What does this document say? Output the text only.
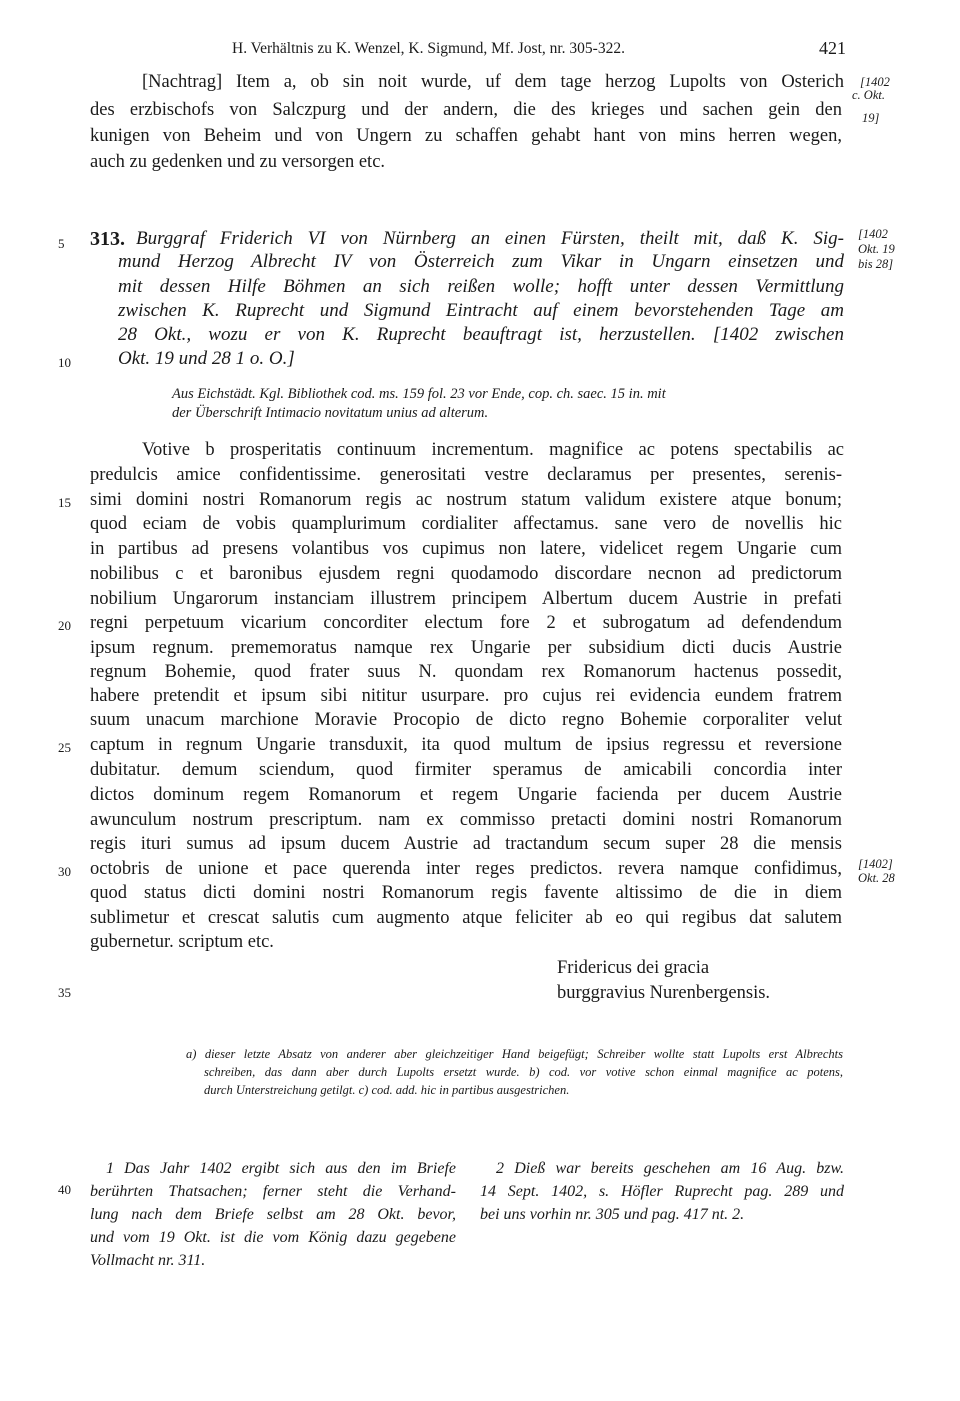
H. Verhältnis zu K. Wenzel, K. Sigmund, Mf. Jost, nr. 305-322.	421
[Nachtrag] Item a, ob sin noit wurde, uf dem tage herzog Lupolts von Osterich
des erzbischofs von Salczpurg und der andern, die des krieges und sachen gein den
kunigen von Beheim und von Ungern zu schaffen gehabt hant von mins herren wegen,
auch zu gedenken und zu versorgen etc.
[1402
c. Okt.
19]
313. Burggraf Friderich VI von Nürnberg an einen Fürsten, theilt mit, daß K. Sig-
mund Herzog Albrecht IV von Österreich zum Vikar in Ungarn einsetzen und
mit dessen Hilfe Böhmen an sich reißen wolle; hofft unter dessen Vermittlung
zwischen K. Ruprecht und Sigmund Eintracht auf einem bevorstehenden Tage am
28 Okt., wozu er von K. Ruprecht beauftragt ist, herzustellen. [1402 zwischen
Okt. 19 und 28 1 o. O.]
[1402
Okt. 19
bis 28]
Aus Eichstädt. Kgl. Bibliothek cod. ms. 159 fol. 23 vor Ende, cop. ch. saec. 15 in. mit
der Überschrift Intimacio novitatum unius ad alterum.
Votive b prosperitatis continuum incrementum. magnifice ac potens spectabilis ac
predulcis amice confidentissime. generositati vestre declaramus per presentes, serenis-
simi domini nostri Romanorum regis ac nostrum statum validum existere atque bonum;
quod eciam de vobis quamplurimum cordialiter affectamus. sane vero de novellis hic
in partibus ad presens volantibus vos cupimus non latere, videlicet regem Ungarie cum
nobilibus c et baronibus ejusdem regni quodamodo discordare necnon ad predictorum
nobilium Ungarorum instanciam illustrem principem Albertum ducem Austrie in prefati
regni perpetuum vicarium concorditer electum fore 2 et subrogatum ad defendendum
ipsum regnum. prememoratus namque rex Ungarie per subsidium dicti ducis Austrie
regnum Bohemie, quod frater suus N. quondam rex Romanorum hactenus possedit,
habere pretendit et ipsum sibi nititur usurpare. pro cujus rei evidencia eundem fratrem
suum unacum marchione Moravie Procopio de dicto regno Bohemie corporaliter velut
captum in regnum Ungarie transduxit, ita quod multum de ipsius regressu et reversione
dubitatur. demum sciendum, quod firmiter speramus de amicabili concordia inter
dictos dominum regem Romanorum et regem Ungarie facienda per ducem Austrie
awunculum nostrum prescriptum. nam ex commisso pretacti domini nostri Romanorum
regis ituri sumus ad ipsum ducem Austrie ad tractandum secum super 28 die mensis
octobris de unione et pace querenda inter reges predictos. revera namque confidimus,
quod status dicti domini nostri Romanorum regis favente altissimo de die in diem
sublimetur et crescat salutis cum augmento atque feliciter ab eo qui regibus dat salutem
gubernetur. scriptum etc.
[1402]
Okt. 28
Fridericus dei gracia
burggravius Nurenbergensis.
5
10
15
20
25
30
35
40
a) dieser letzte Absatz von anderer aber gleichzeitiger Hand beigefügt; Schreiber wollte statt Lupolts erst Albrechts
schreiben, das dann aber durch Lupolts ersetzt wurde. b) cod. vor votive schon einmal magnifice ac potens,
durch Unterstreichung getilgt. c) cod. add. hic in partibus ausgestrichen.
1 Das Jahr 1402 ergibt sich aus den im Briefe
berührten Thatsachen; ferner steht die Verhand-
lung nach dem Briefe selbst am 28 Okt. bevor,
und vom 19 Okt. ist die vom König dazu gegebene
Vollmacht nr. 311.
2 Dieß war bereits geschehen am 16 Aug. bzw.
14 Sept. 1402, s. Höfler Ruprecht pag. 289 und
bei uns vorhin nr. 305 und pag. 417 nt. 2.
